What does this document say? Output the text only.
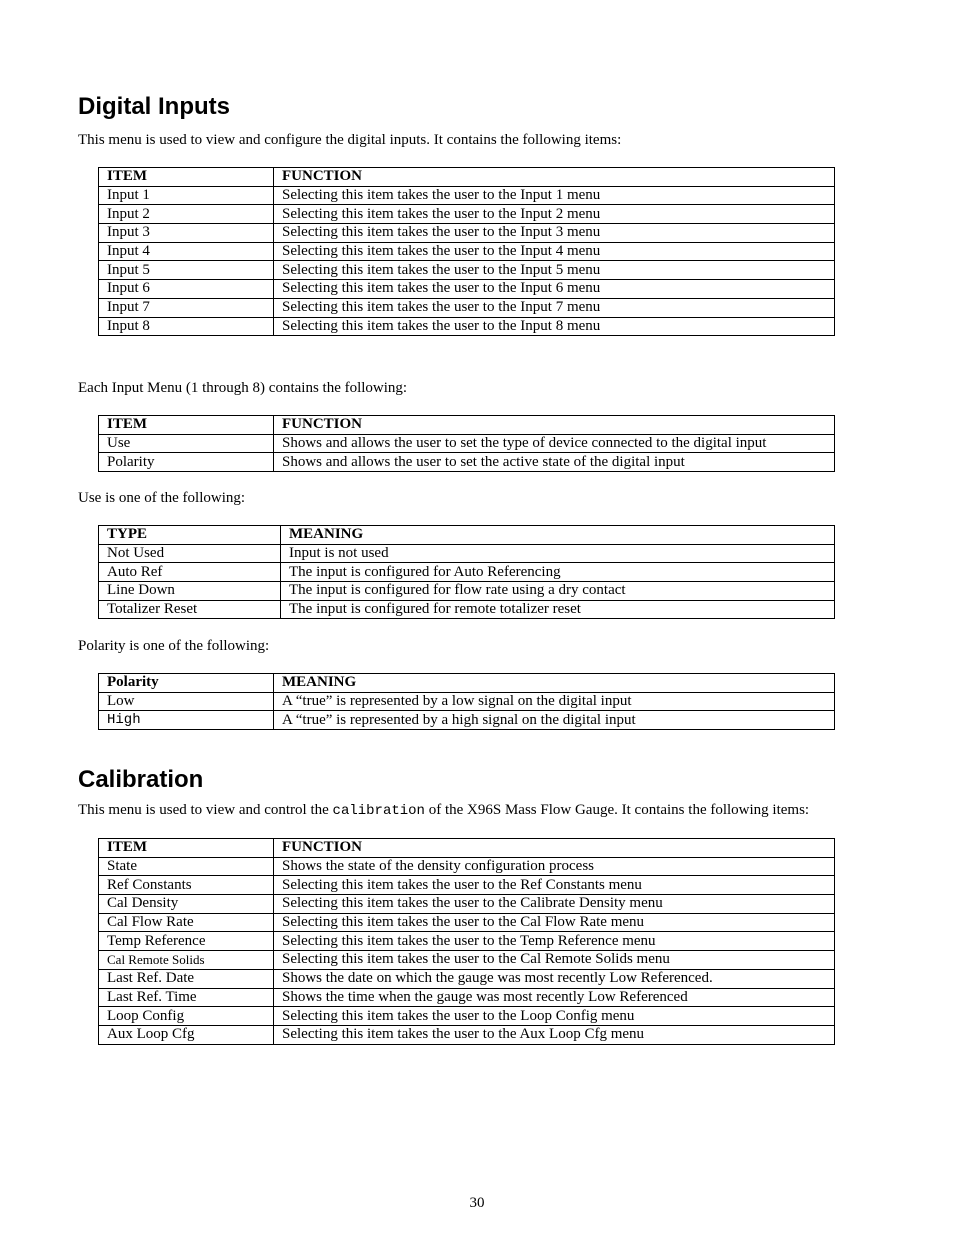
Digital Inputs

This menu is used to view and configure the digital inputs. It contains the following items:

ITEM	FUNCTION
Input 1	Selecting this item takes the user to the Input 1 menu
Input 2	Selecting this item takes the user to the Input 2 menu
Input 3	Selecting this item takes the user to the Input 3 menu
Input 4	Selecting this item takes the user to the Input 4 menu
Input 5	Selecting this item takes the user to the Input 5 menu
Input 6	Selecting this item takes the user to the Input 6 menu
Input 7	Selecting this item takes the user to the Input 7 menu
Input 8	Selecting this item takes the user to the Input 8 menu

Each Input Menu (1 through 8) contains the following:

ITEM	FUNCTION
Use	Shows and allows the user to set the type of device connected to the digital input
Polarity	Shows and allows the user to set the active state of the digital input

Use is one of the following:

TYPE	MEANING
Not Used	Input is not used
Auto Ref	The input is configured for Auto Referencing
Line Down	The input is configured for flow rate using a dry contact
Totalizer Reset	The input is configured for remote totalizer reset

Polarity is one of the following:

Polarity	MEANING
Low	A “true” is represented by a low signal on the digital input
High	A “true” is represented by a high signal on the digital input
Calibration

This menu is used to view and control the calibration of the X96S Mass Flow Gauge. It contains the following items:

ITEM	FUNCTION
State	Shows the state of the density configuration process
Ref Constants	Selecting this item takes the user to the Ref Constants menu
Cal Density	Selecting this item takes the user to the Calibrate Density menu
Cal Flow Rate	Selecting this item takes the user to the Cal Flow Rate menu
Temp Reference	Selecting this item takes the user to the Temp Reference menu
Cal Remote Solids	Selecting this item takes the user to the Cal Remote Solids menu
Last Ref. Date	Shows the date on which the gauge was most recently Low Referenced.
Last Ref. Time	Shows the time when the gauge was most recently Low Referenced
Loop Config	Selecting this item takes the user to the Loop Config menu
Aux Loop Cfg	Selecting this item takes the user to the Aux Loop Cfg menu
30
